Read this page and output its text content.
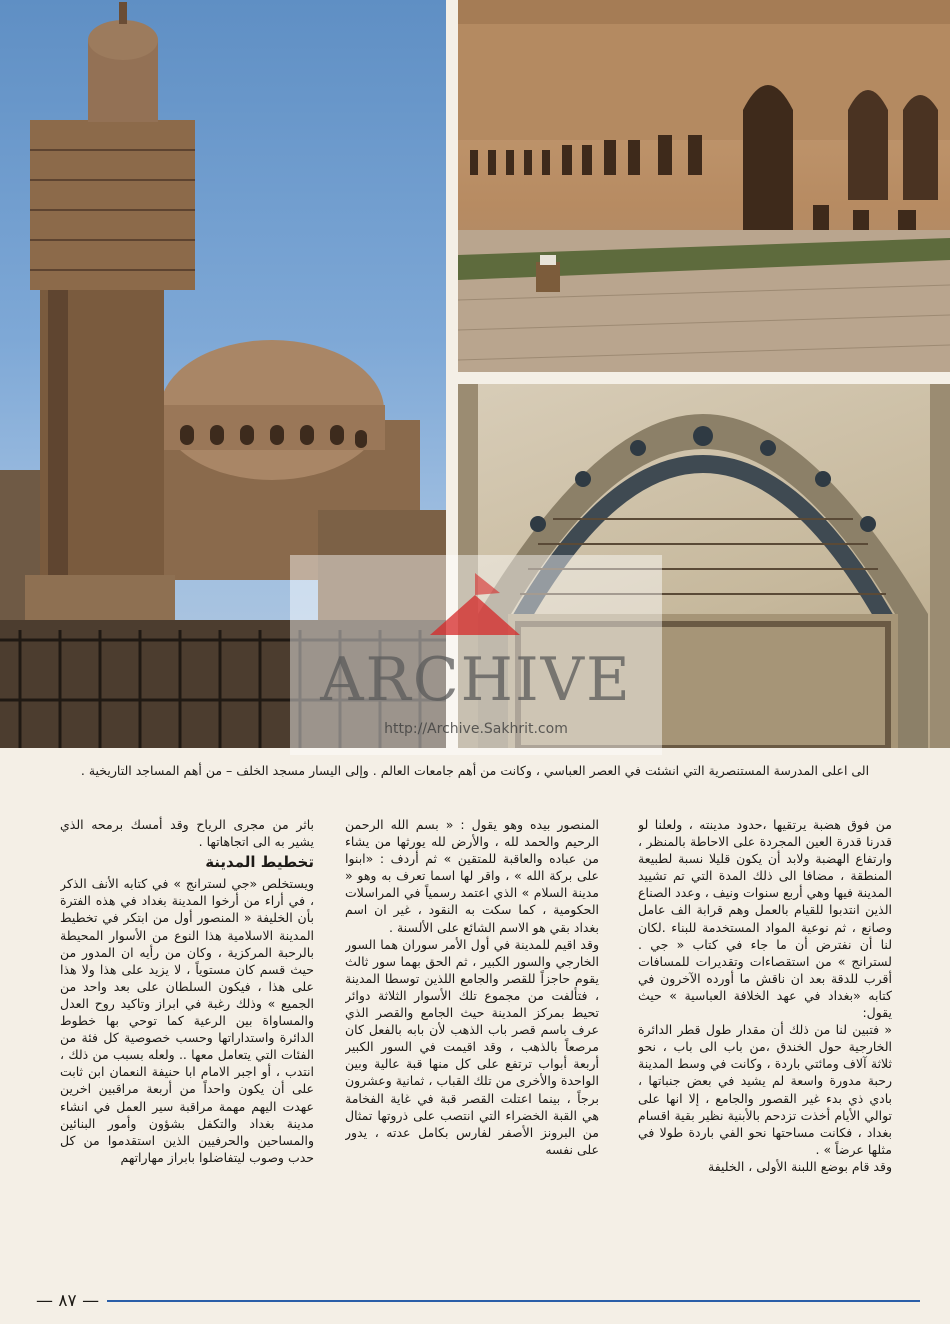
ARCHIVE
http://Archive.Sakhrit.com
الى اعلى المدرسة المستنصرية التي انشئت في العصر العباسي ، وكانت من أهم جامعات العالم . وإلى اليسار مسجد الخلف – من أهم المساجد التاريخية .

من فوق هضبة يرتقيها ،حدود مدينته ، ولعلنا لو قدرنا قدرة العين المجردة على الاحاطة بالمنظر ، وارتفاع الهضبة ولابد أن يكون قليلا نسبة لطبيعة المنطقة ، مضافا الى ذلك المدة التي تم تشييد المدينة فيها وهي أربع سنوات ونيف ، وعدد الصناع الذين انتدبوا للقيام بالعمل وهم قرابة الف عامل وصانع ، ثم نوعية المواد المستخدمة للبناء .لكان لنا أن نفترض أن ما جاء في كتاب « جي . لسترانج » من استقصاءات وتقديرات للمسافات أقرب للدقة بعد ان ناقش ما أورده الآخرون في كتابه «بغداد في عهد الخلافة العباسية » حيث يقول:

« فتبين لنا من ذلك أن مقدار طول قطر الدائرة الخارجية حول الخندق ،من باب الى باب ، نحو ثلاثة آلاف ومائتي باردة ، وكانت في وسط المدينة رحبة مدورة واسعة لم يشيد في بعض جنباتها ، بادي ذي بدء غير القصور والجامع ، إلا انها على توالي الأيام أخذت تزدحم بالأبنية نظير بقية اقسام بغداد ، فكانت مساحتها نحو الفي باردة طولا في مثلها عرضاً » .

وقد قام بوضع اللبنة الأولى ، الخليفة

المنصور بيده وهو يقول : « بسم الله الرحمن الرحيم والحمد لله ، والأرض لله يورثها من يشاء من عباده والعاقبة للمتقين » ثم أردف : «ابنوا على بركة الله » ، واقر لها اسما تعرف به وهو « مدينة السلام » الذي اعتمد رسمياً في المراسلات الحكومية ، كما سكت به النقود ، غير ان اسم بغداد بقي هو الاسم الشائع على الألسنة .

وقد اقيم للمدينة في أول الأمر سوران هما السور الخارجي والسور الكبير ، ثم الحق بهما سور ثالث يقوم حاجزاً للقصر والجامع اللذين توسطا المدينة ، فتألفت من مجموع تلك الأسوار الثلاثة دوائر تحيط بمركز المدينة حيث الجامع والقصر الذي عرف باسم قصر باب الذهب لأن بابه بالفعل كان مرصعاً بالذهب ، وقد اقيمت في السور الكبير أربعة أبواب ترتفع على كل منها قبة عالية وبين الواحدة والأخرى من تلك القباب ، ثمانية وعشرون برجاً ، بينما اعتلت القصر قبة في غاية الفخامة هي القبة الخضراء التي انتصب على ذروتها تمثال من البرونز الأصفر لفارس بكامل عدته ، يدور على نفسه

باثر من مجرى الرياح وقد أمسك برمحه الذي يشير به الى اتجاهاتها .

تخطيط المدينة

ويستخلص «جي لسترانج » في كتابه الأنف الذكر ، في أراء من أرخوا المدينة بغداد في هذه الفترة بأن الخليفة « المنصور أول من ابتكر في تخطيط المدينة الاسلامية هذا النوع من الأسوار المحيطة بالرحبة المركزية ، وكان من رأيه ان المدور من حيث قسم كان مستوياً ، لا يزيد على هذا ولا هذا على هذا ، فيكون السلطان على بعد واحد من الجميع » وذلك رغبة في ابراز وتاكيد روح العدل والمساواة بين الرعية كما توحي بها خطوط الدائرة واستداراتها وحسب خصوصية كل فئة من الفئات التي يتعامل معها .. ولعله بسبب من ذلك ، انتدب ، أو اجبر الامام ابا حنيفة النعمان ابن ثابت على أن يكون واحداً من أربعة مراقبين اخرين عهدت اليهم مهمة مراقبة سير العمل في انشاء مدينة بغداد والتكفل بشؤون وأمور البنائين والمساحين والحرفيين الذين استقدموا من كل حدب وصوب ليتفاضلوا بابراز مهاراتهم

— ٨٧ —
